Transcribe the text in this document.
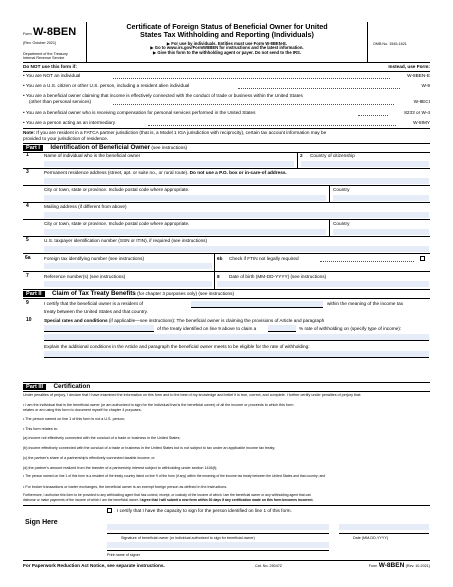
Form W-8BEN
(Rev. October 2021)
Department of the Treasury
Internal Revenue Service
Certificate of Foreign Status of Beneficial Owner for United
States Tax Withholding and Reporting (Individuals)
▶ For use by individuals. Entities must use Form W-8BEN-E.
▶ Go to www.irs.gov/FormW8BEN for instructions and the latest information.
▶ Give this form to the withholding agent or payer. Do not send to the IRS.
OMB No. 1545-1621
Do NOT use this form if:	Instead, use Form:
• You are NOT an individual	W-8BEN-E
• You are a U.S. citizen or other U.S. person, including a resident alien individual	W-9
• You are a beneficial owner claiming that income is effectively connected with the conduct of trade or business within the United States
(other than personal services)	W-8ECI
• You are a beneficial owner who is receiving compensation for personal services performed in the United States	8233 or W-4
• You are a person acting as an intermediary	W-8IMY
Note: If you are resident in a FATCA partner jurisdiction (that is, a Model 1 IGA jurisdiction with reciprocity), certain tax account information may be
provided to your jurisdiction of residence.
Part I Identification of Beneficial Owner (see instructions)
1	Name of individual who is the beneficial owner	2 Country of citizenship
3	Permanent residence address (street, apt. or suite no., or rural route). Do not use a P.O. box or in-care-of address.
City or town, state or province. Include postal code where appropriate.	Country
4	Mailing address (if different from above)
City or town, state or province. Include postal code where appropriate.	Country
5	U.S. taxpayer identification number (SSN or ITIN), if required (see instructions)
6a	Foreign tax identifying number (see instructions)	6b Check if FTIN not legally required
7	Reference number(s) (see instructions)	8 Date of birth (MM-DD-YYYY) (see instructions)
Part II Claim of Tax Treaty Benefits (for chapter 3 purposes only) (see instructions)
9	I certify that the beneficial owner is a resident of	within the meaning of the income tax
treaty between the United States and that country.
10	Special rates and conditions (if applicable—see instructions): The beneficial owner is claiming the provisions of Article and paragraph
of the treaty identified on line 9 above to claim a	% rate of withholding on (specify type of income):
Explain the additional conditions in the Article and paragraph the beneficial owner meets to be eligible for the rate of withholding:
Part III Certification
Under penalties of perjury, I declare that I have examined the information on this form and to the best of my knowledge and belief it is true, correct, and complete. I further certify under penalties of perjury that:
• I am the individual that is the beneficial owner (or am authorized to sign for the individual that is the beneficial owner) of all the income or proceeds to which this form
relates or am using this form to document myself for chapter 4 purposes;
• The person named on line 1 of this form is not a U.S. person;
• This form relates to:
(a) income not effectively connected with the conduct of a trade or business in the United States;
(b) income effectively connected with the conduct of a trade or business in the United States but is not subject to tax under an applicable income tax treaty;
(c) the partner's share of a partnership's effectively connected taxable income; or
(d) the partner's amount realized from the transfer of a partnership interest subject to withholding under section 1446(f);
• The person named on line 1 of this form is a resident of the treaty country listed on line 9 of the form (if any) within the meaning of the income tax treaty between the United States and that country; and
• For broker transactions or barter exchanges, the beneficial owner is an exempt foreign person as defined in the instructions.
Furthermore, I authorize this form to be provided to any withholding agent that has control, receipt, or custody of the income of which I am the beneficial owner or any withholding agent that can
disburse or make payments of the income of which I am the beneficial owner. I agree that I will submit a new form within 30 days if any certification made on this form becomes incorrect.
Sign Here
I certify that I have the capacity to sign for the person identified on line 1 of this form.
Signature of beneficial owner (or individual authorized to sign for beneficial owner)	Date (MM-DD-YYYY)
Print name of signer
For Paperwork Reduction Act Notice, see separate instructions.	Cat. No. 25047Z	Form W-8BEN (Rev. 10-2021)
